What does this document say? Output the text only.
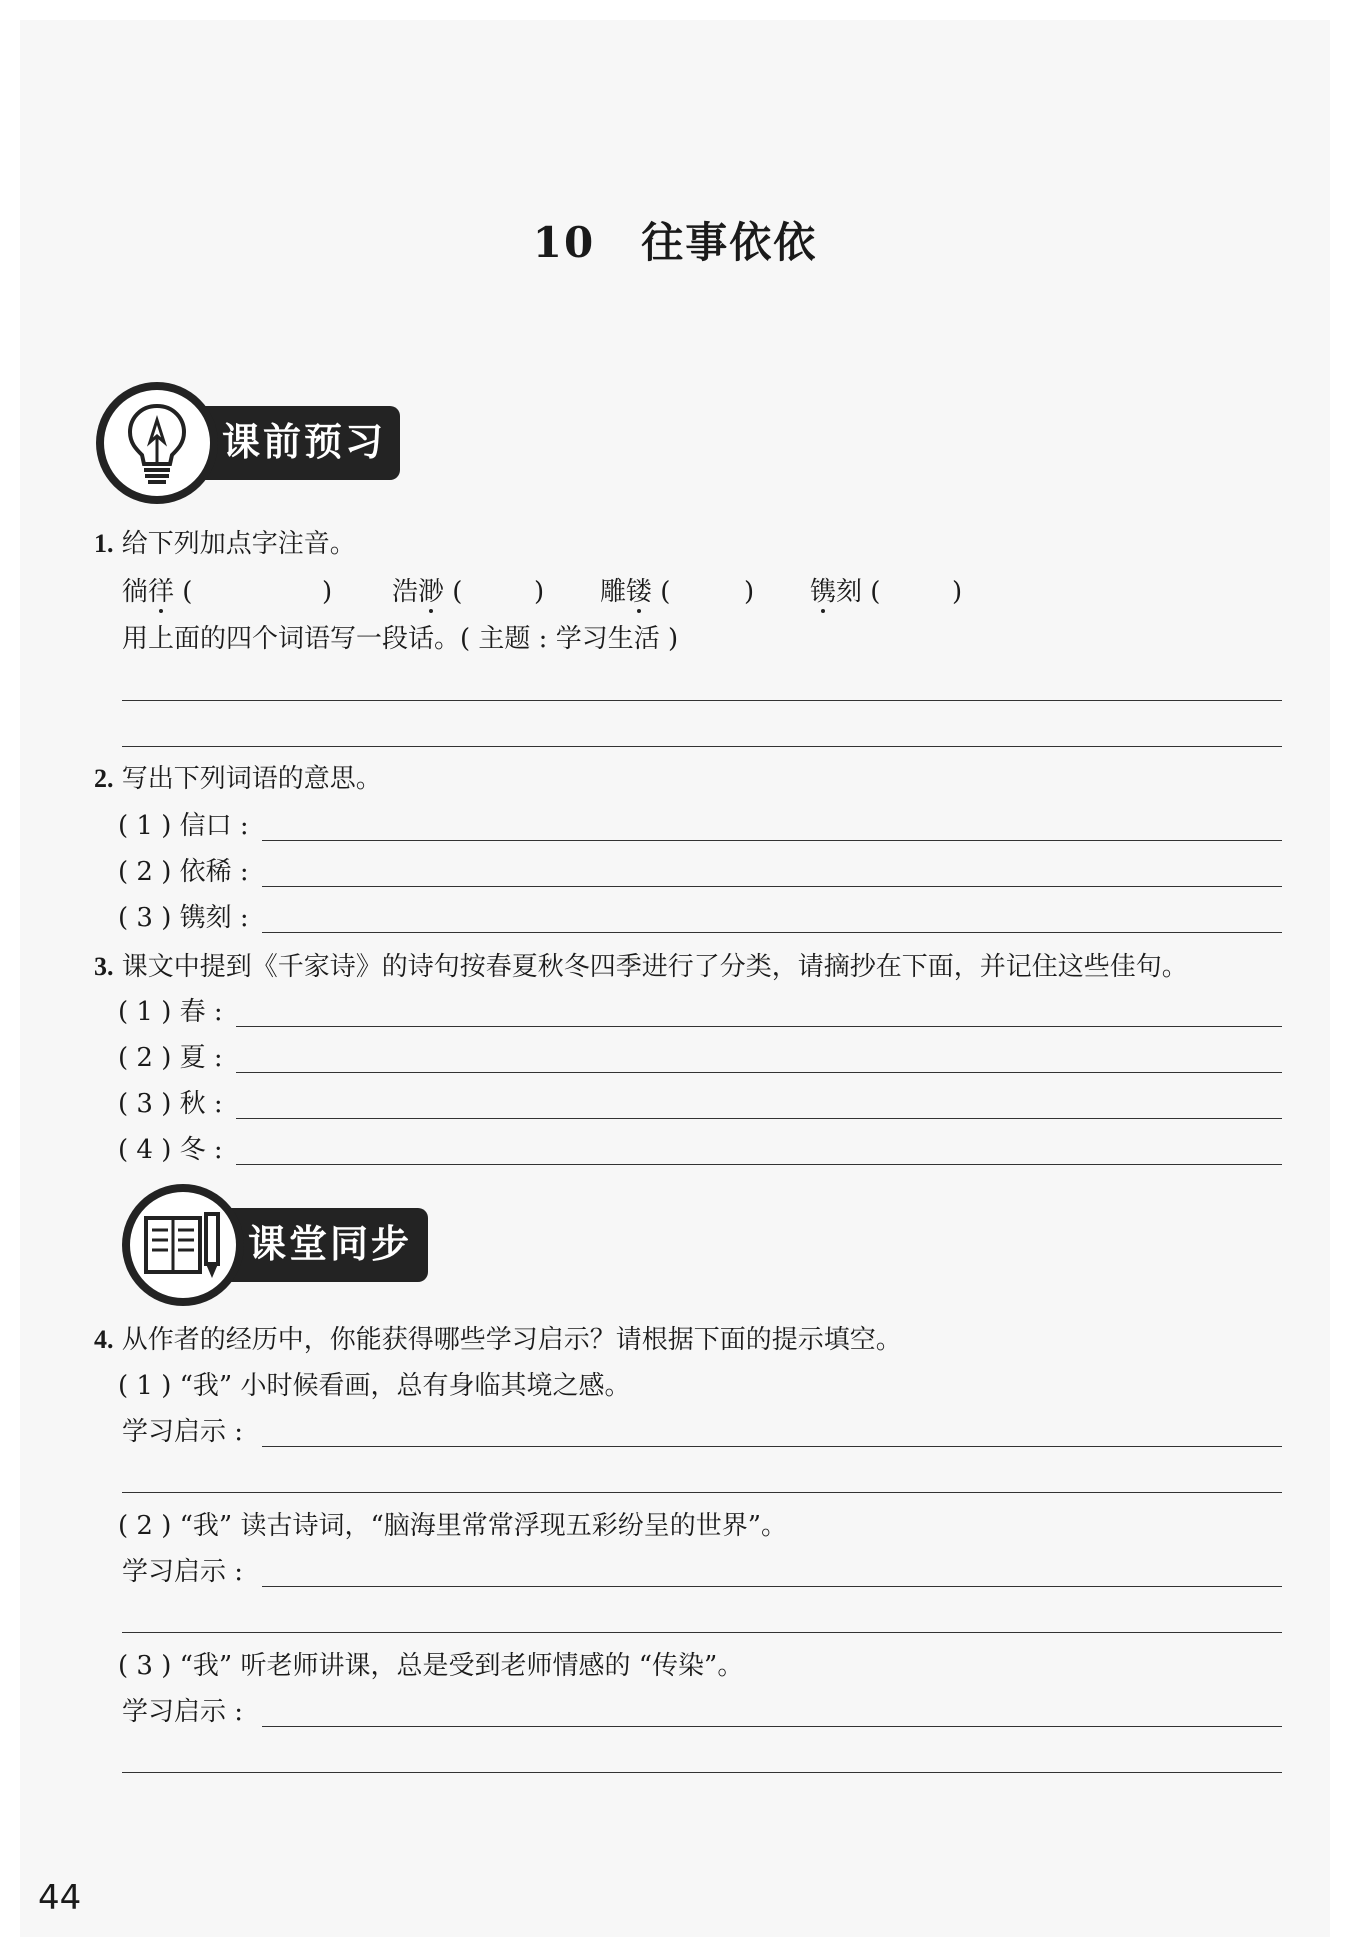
10 往事依依
课前预习
1. 给下列加点字注音。
徜徉 (	) 浩渺 (	) 雕镂 (	) 镌刻 (	)
用上面的四个词语写一段话。( 主题 : 学习生活 )
2. 写出下列词语的意思。
( 1 ) 信口 :
( 2 ) 依稀 :
( 3 ) 镌刻 :
3. 课文中提到《千家诗》的诗句按春夏秋冬四季进行了分类，请摘抄在下面，并记住这些佳句。
( 1 ) 春 :
( 2 ) 夏 :
( 3 ) 秋 :
( 4 ) 冬 :
课堂同步
4. 从作者的经历中，你能获得哪些学习启示？请根据下面的提示填空。
( 1 ) “我” 小时候看画，总有身临其境之感。
学习启示 :
( 2 ) “我” 读古诗词，“脑海里常常浮现五彩纷呈的世界”。
学习启示 :
( 3 ) “我” 听老师讲课，总是受到老师情感的 “传染”。
学习启示 :
44
